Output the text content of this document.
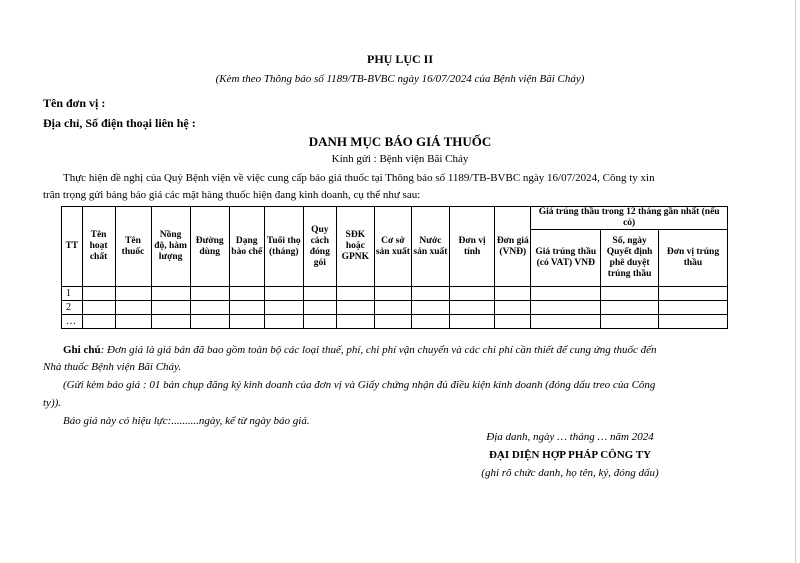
PHỤ LỤC II
(Kèm theo Thông báo số 1189/TB-BVBC ngày 16/07/2024 của Bệnh viện Bãi Cháy)
Tên đơn vị :
Địa chỉ, Số điện thoại liên hệ :
DANH MỤC BÁO GIÁ THUỐC
Kính gửi : Bệnh viện Bãi Cháy
Thực hiện đề nghị của Quý Bệnh viện về việc cung cấp báo giá thuốc tại Thông báo số 1189/TB-BVBC ngày 16/07/2024, Công ty xin
trân trọng gửi bảng báo giá các mặt hàng thuốc hiện đang kinh doanh, cụ thể như sau:
TT	Tên hoạt chất	Tên thuốc	Nồng độ, hàm lượng	Đường dùng	Dạng bào chế	Tuổi thọ (tháng)	Quy cách đóng gói	SĐK hoặc GPNK	Cơ sở sản xuất	Nước sản xuất	Đơn vị tính	Đơn giá (VNĐ)	Giá trúng thầu trong 12 tháng gần nhất (nếu có)		
													Giá trúng thầu (có VAT) VNĐ	Số, ngày Quyết định phê duyệt trúng thầu	Đơn vị trúng thầu
1															
2															
…															
Ghi chú: Đơn giá là giá bán đã bao gồm toàn bộ các loại thuế, phí, chi phí vận chuyển và các chi phí cần thiết để cung ứng thuốc đến
Nhà thuốc Bệnh viện Bãi Cháy.
(Gửi kèm báo giá : 01 bản chụp đăng ký kinh doanh của đơn vị và Giấy chứng nhận đủ điều kiện kinh doanh (đóng dấu treo của Công
ty)).
Báo giá này có hiệu lực:..........ngày, kể từ ngày báo giá.
Địa danh, ngày … tháng … năm 2024
ĐẠI DIỆN HỢP PHÁP CÔNG TY
(ghi rõ chức danh, họ tên, ký, đóng dấu)
